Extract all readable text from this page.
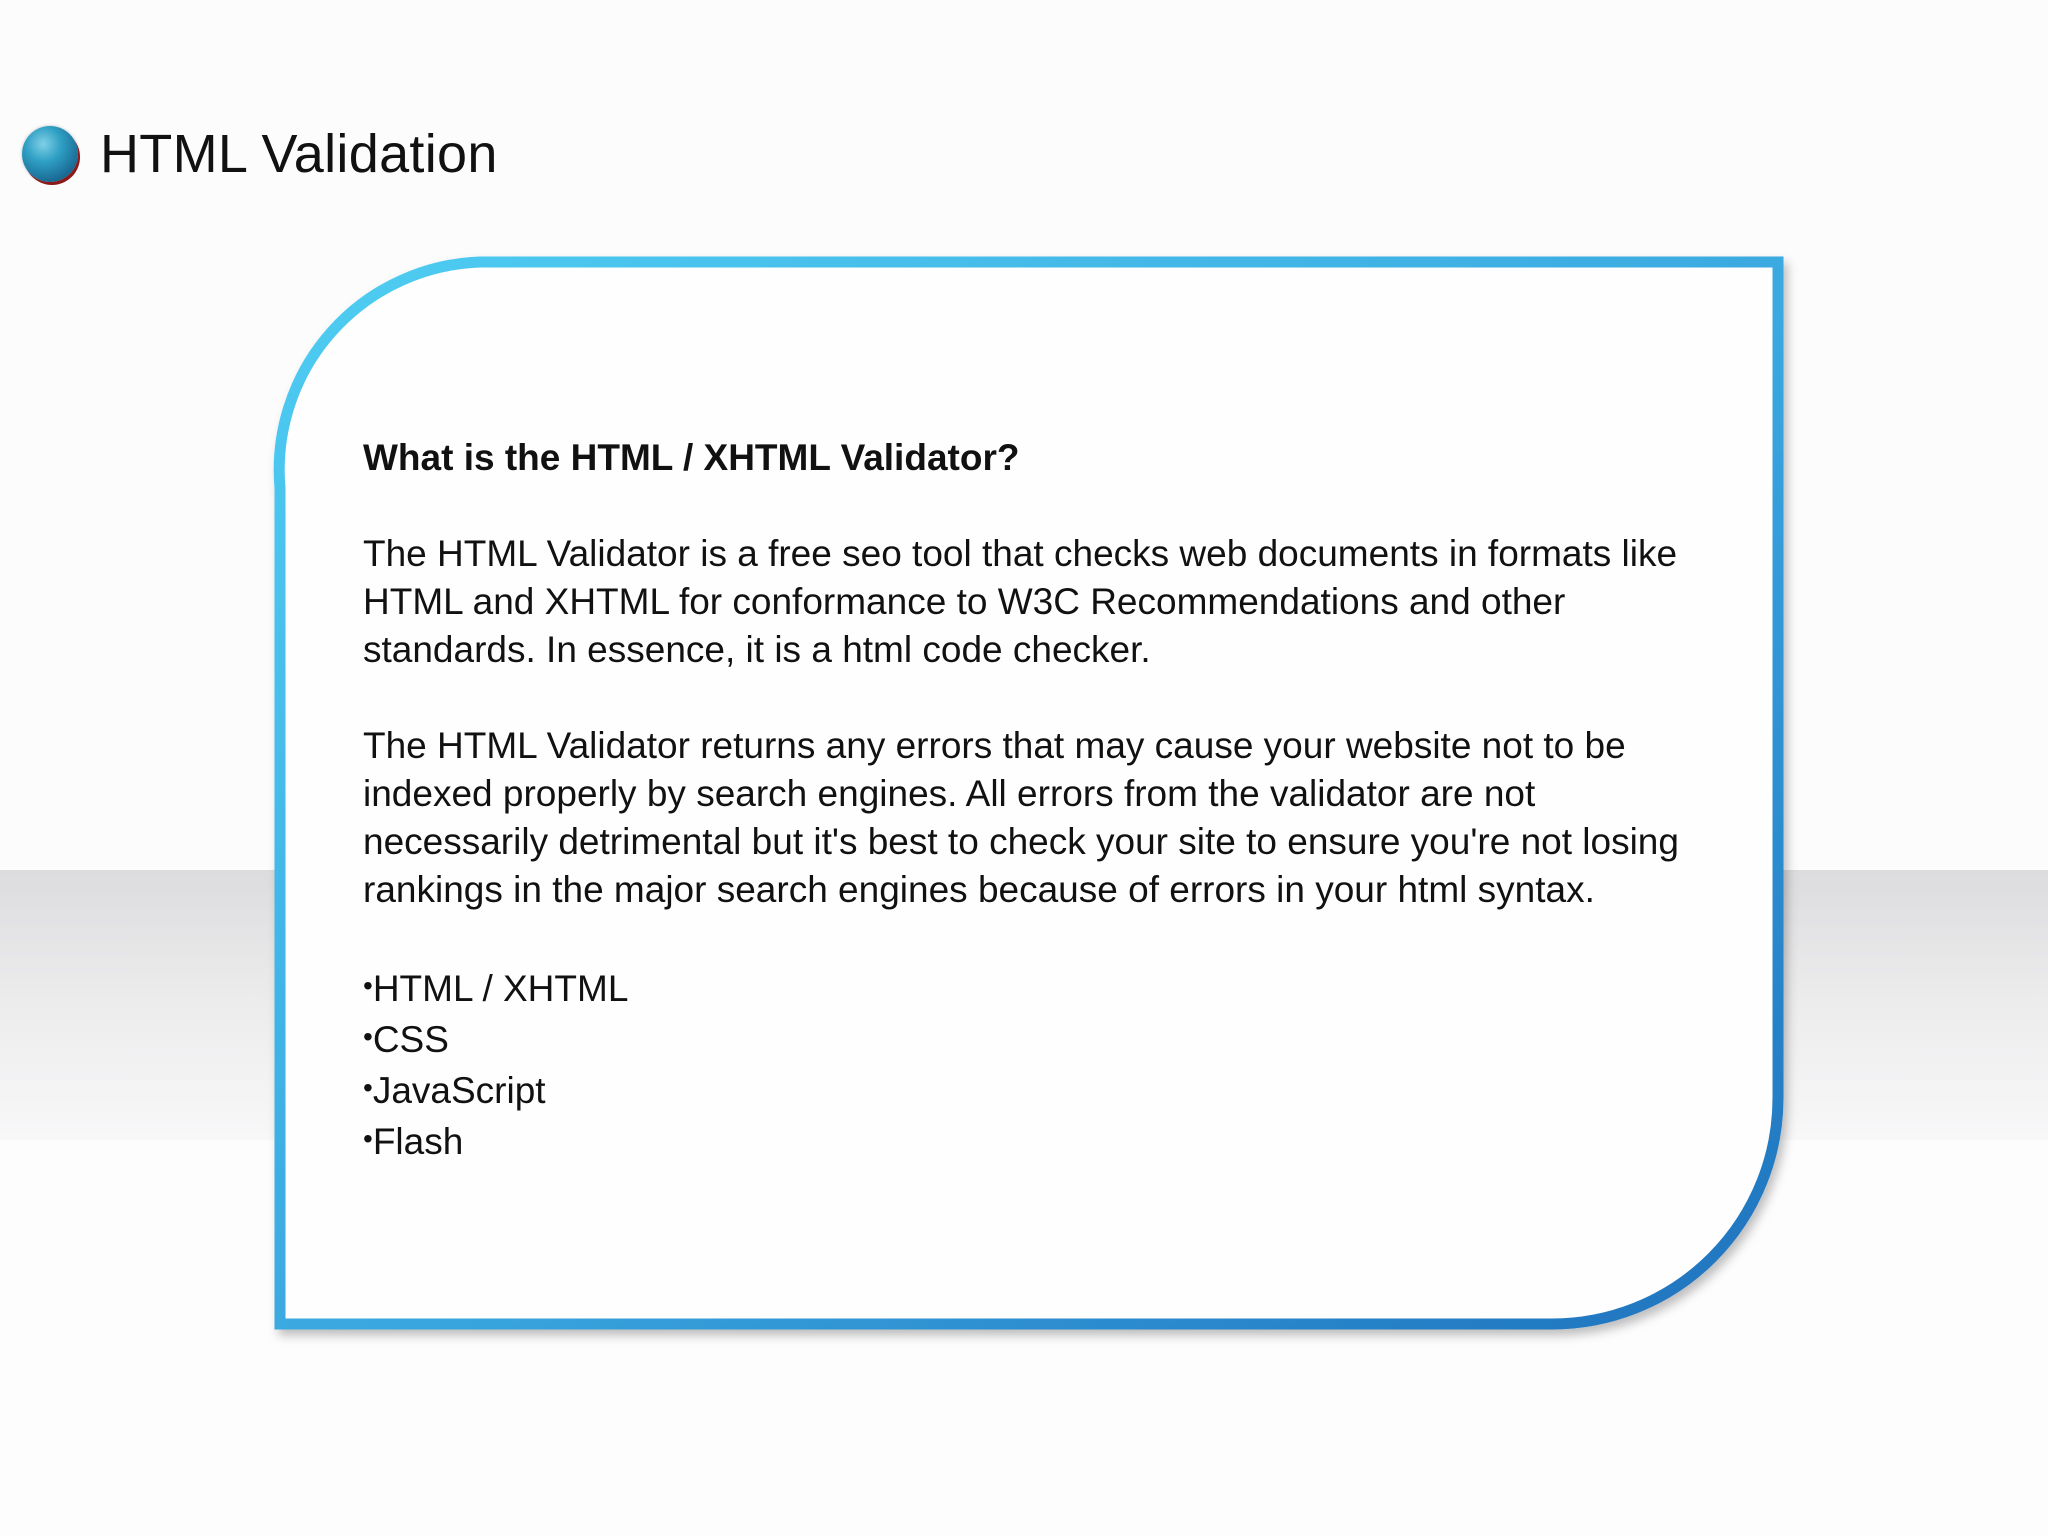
HTML Validation

What is the HTML / XHTML Validator?

The HTML Validator is a free seo tool that checks web documents in formats like HTML and XHTML for conformance to W3C Recommendations and other standards. In essence, it is a html code checker.

The HTML Validator returns any errors that may cause your website not to be indexed properly by search engines. All errors from the validator are not necessarily detrimental but it's best to check your site to ensure you're not losing rankings in the major search engines because of errors in your html syntax.

•HTML / XHTML
•CSS
•JavaScript
•Flash
